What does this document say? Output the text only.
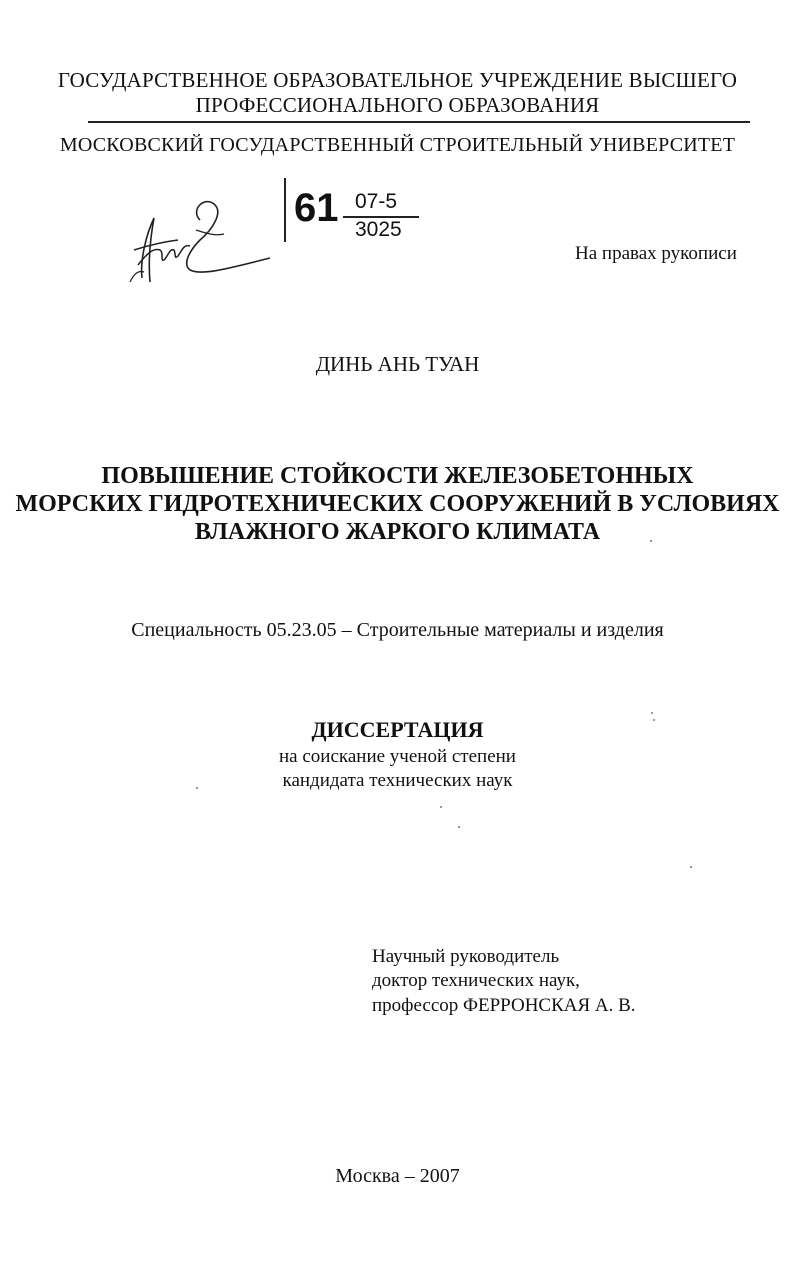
ГОСУДАРСТВЕННОЕ ОБРАЗОВАТЕЛЬНОЕ УЧРЕЖДЕНИЕ ВЫСШЕГО
ПРОФЕССИОНАЛЬНОГО ОБРАЗОВАНИЯ
МОСКОВСКИЙ ГОСУДАРСТВЕННЫЙ СТРОИТЕЛЬНЫЙ УНИВЕРСИТЕТ
61 07-5
3025
На правах рукописи
ДИНЬ АНЬ ТУАН
ПОВЫШЕНИЕ СТОЙКОСТИ ЖЕЛЕЗОБЕТОННЫХ
МОРСКИХ ГИДРОТЕХНИЧЕСКИХ СООРУЖЕНИЙ В УСЛОВИЯХ
ВЛАЖНОГО ЖАРКОГО КЛИМАТА
Специальность 05.23.05 – Строительные материалы и изделия
ДИССЕРТАЦИЯ
на соискание ученой степени
кандидата технических наук
Научный руководитель
доктор технических наук,
профессор ФЕРРОНСКАЯ А. В.
Москва – 2007
